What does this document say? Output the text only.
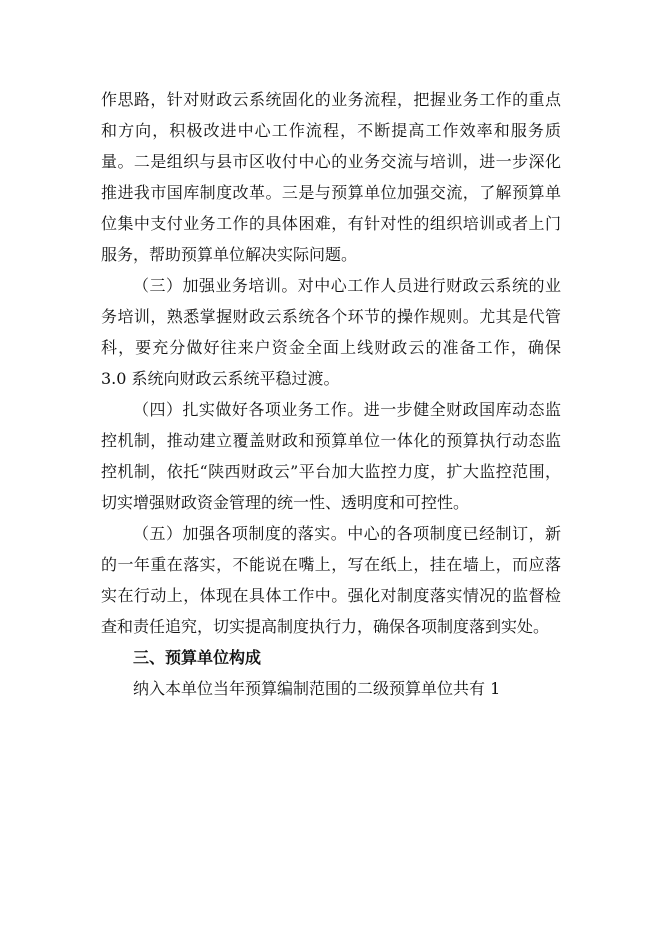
作思路，针对财政云系统固化的业务流程，把握业务工作的重点和方向，积极改进中心工作流程，不断提高工作效率和服务质量。二是组织与县市区收付中心的业务交流与培训，进一步深化推进我市国库制度改革。三是与预算单位加强交流，了解预算单位集中支付业务工作的具体困难，有针对性的组织培训或者上门服务，帮助预算单位解决实际问题。

（三）加强业务培训。对中心工作人员进行财政云系统的业务培训，熟悉掌握财政云系统各个环节的操作规则。尤其是代管科，要充分做好往来户资金全面上线财政云的准备工作，确保 3.0 系统向财政云系统平稳过渡。

（四）扎实做好各项业务工作。进一步健全财政国库动态监控机制，推动建立覆盖财政和预算单位一体化的预算执行动态监控机制，依托“陕西财政云”平台加大监控力度，扩大监控范围，切实增强财政资金管理的统一性、透明度和可控性。

（五）加强各项制度的落实。中心的各项制度已经制订，新的一年重在落实，不能说在嘴上，写在纸上，挂在墙上，而应落实在行动上，体现在具体工作中。强化对制度落实情况的监督检查和责任追究，切实提高制度执行力，确保各项制度落到实处。

三、预算单位构成

纳入本单位当年预算编制范围的二级预算单位共有 1
